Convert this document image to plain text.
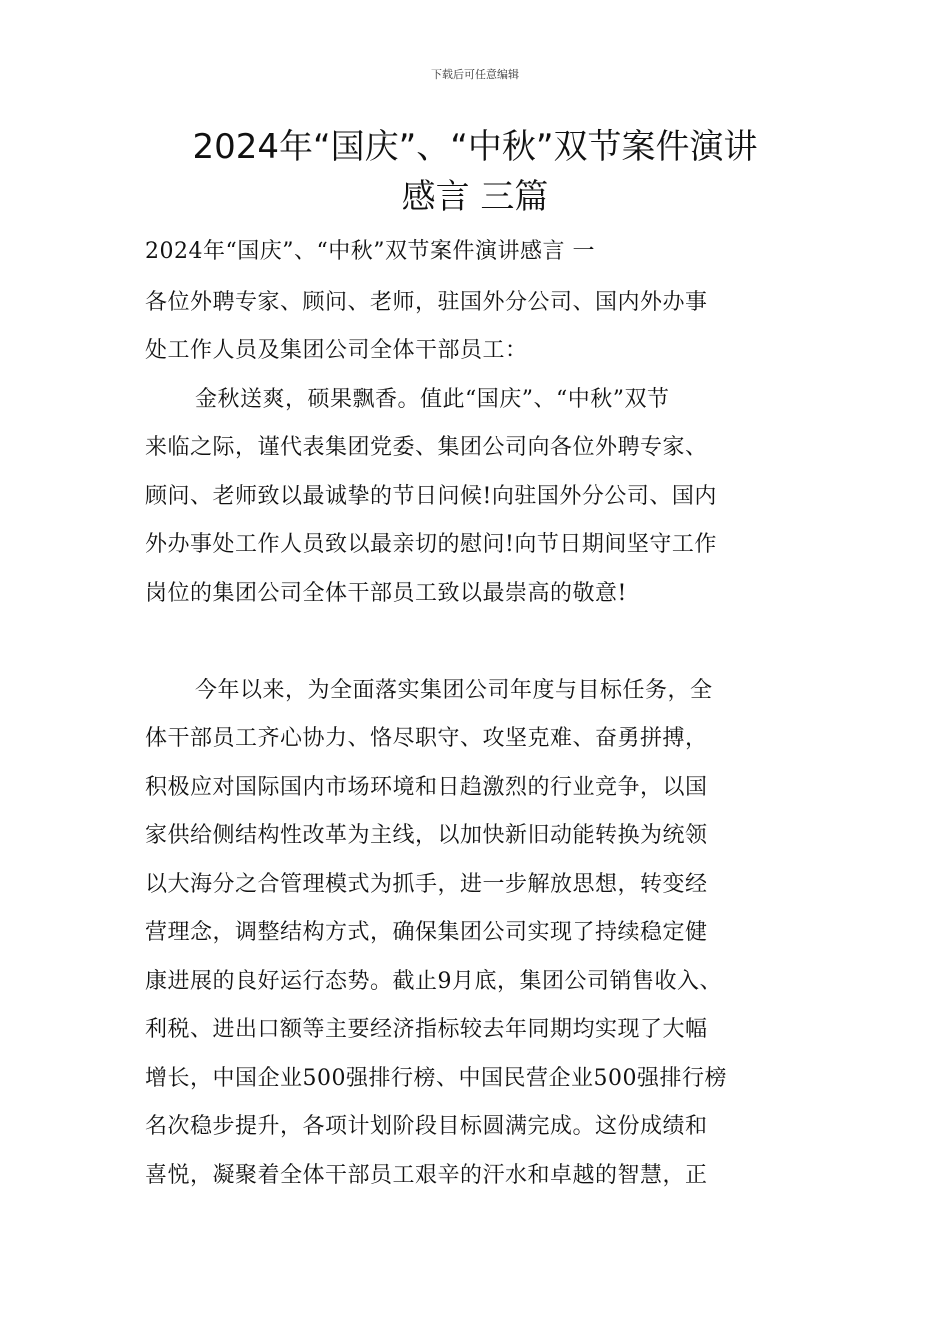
下载后可任意编辑
2024年“国庆”、“中秋”双节案件演讲
感言 三篇
2024年“国庆”、“中秋”双节案件演讲感言 一
各位外聘专家、顾问、老师，驻国外分公司、国内外办事
处工作人员及集团公司全体干部员工：
金秋送爽，硕果飘香。值此“国庆”、“中秋”双节
来临之际，谨代表集团党委、集团公司向各位外聘专家、
顾问、老师致以最诚挚的节日问候!向驻国外分公司、国内
外办事处工作人员致以最亲切的慰问!向节日期间坚守工作
岗位的集团公司全体干部员工致以最崇高的敬意!
今年以来，为全面落实集团公司年度与目标任务，全
体干部员工齐心协力、恪尽职守、攻坚克难、奋勇拼搏，
积极应对国际国内市场环境和日趋激烈的行业竞争，以国
家供给侧结构性改革为主线，以加快新旧动能转换为统领
以大海分之合管理模式为抓手，进一步解放思想，转变经
营理念，调整结构方式，确保集团公司实现了持续稳定健
康进展的良好运行态势。截止9月底，集团公司销售收入、
利税、进出口额等主要经济指标较去年同期均实现了大幅
增长，中国企业500强排行榜、中国民营企业500强排行榜
名次稳步提升，各项计划阶段目标圆满完成。这份成绩和
喜悦，凝聚着全体干部员工艰辛的汗水和卓越的智慧，正
